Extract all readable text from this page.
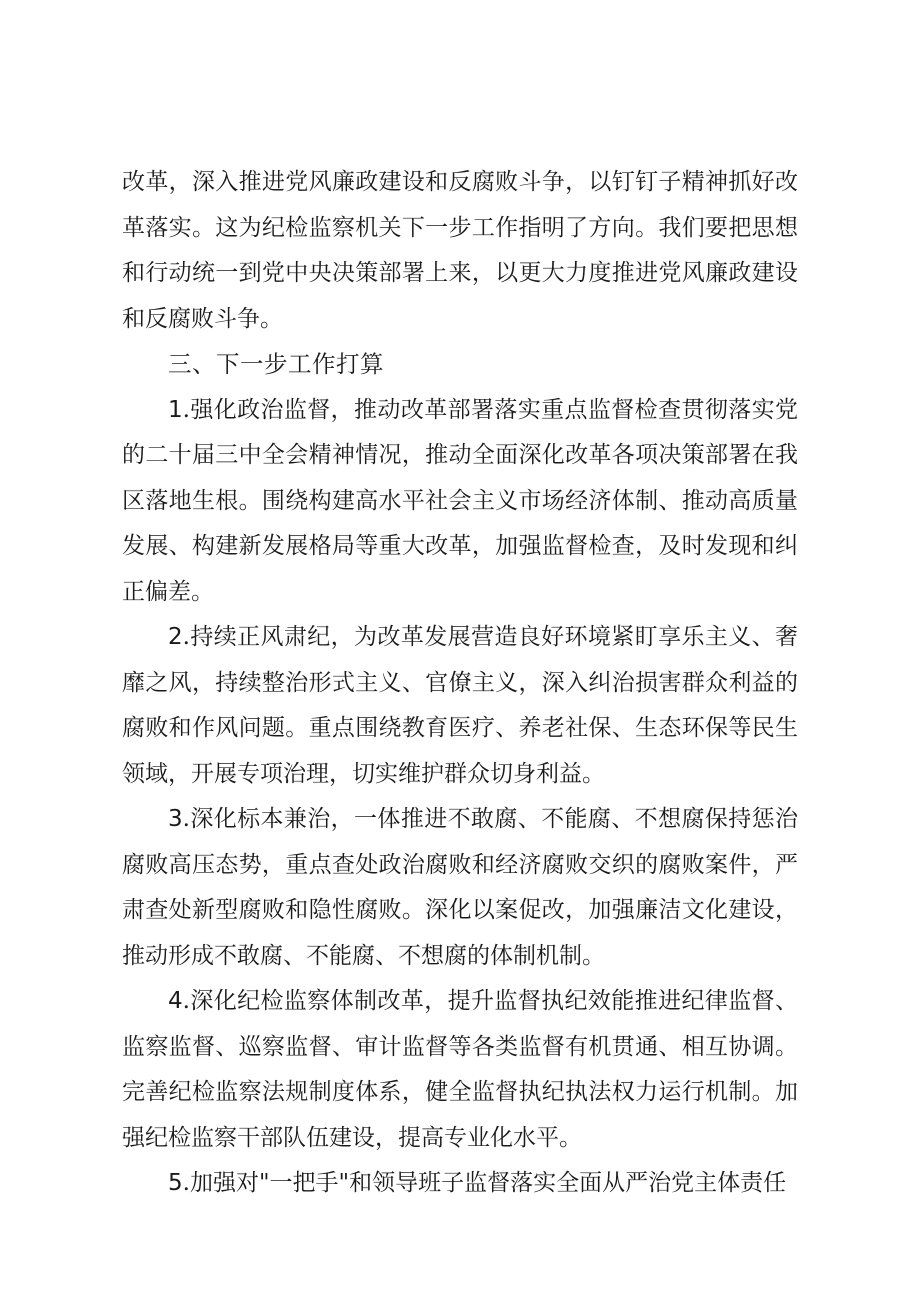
改革，深入推进党风廉政建设和反腐败斗争，以钉钉子精神抓好改革落实。这为纪检监察机关下一步工作指明了方向。我们要把思想和行动统一到党中央决策部署上来，以更大力度推进党风廉政建设和反腐败斗争。

三、下一步工作打算

1.强化政治监督，推动改革部署落实重点监督检查贯彻落实党的二十届三中全会精神情况，推动全面深化改革各项决策部署在我区落地生根。围绕构建高水平社会主义市场经济体制、推动高质量发展、构建新发展格局等重大改革，加强监督检查，及时发现和纠正偏差。

2.持续正风肃纪，为改革发展营造良好环境紧盯享乐主义、奢靡之风，持续整治形式主义、官僚主义，深入纠治损害群众利益的腐败和作风问题。重点围绕教育医疗、养老社保、生态环保等民生领域，开展专项治理，切实维护群众切身利益。

3.深化标本兼治，一体推进不敢腐、不能腐、不想腐保持惩治腐败高压态势，重点查处政治腐败和经济腐败交织的腐败案件，严肃查处新型腐败和隐性腐败。深化以案促改，加强廉洁文化建设，推动形成不敢腐、不能腐、不想腐的体制机制。

4.深化纪检监察体制改革，提升监督执纪效能推进纪律监督、监察监督、巡察监督、审计监督等各类监督有机贯通、相互协调。完善纪检监察法规制度体系，健全监督执纪执法权力运行机制。加强纪检监察干部队伍建设，提高专业化水平。

5.加强对"一把手"和领导班子监督落实全面从严治党主体责任
